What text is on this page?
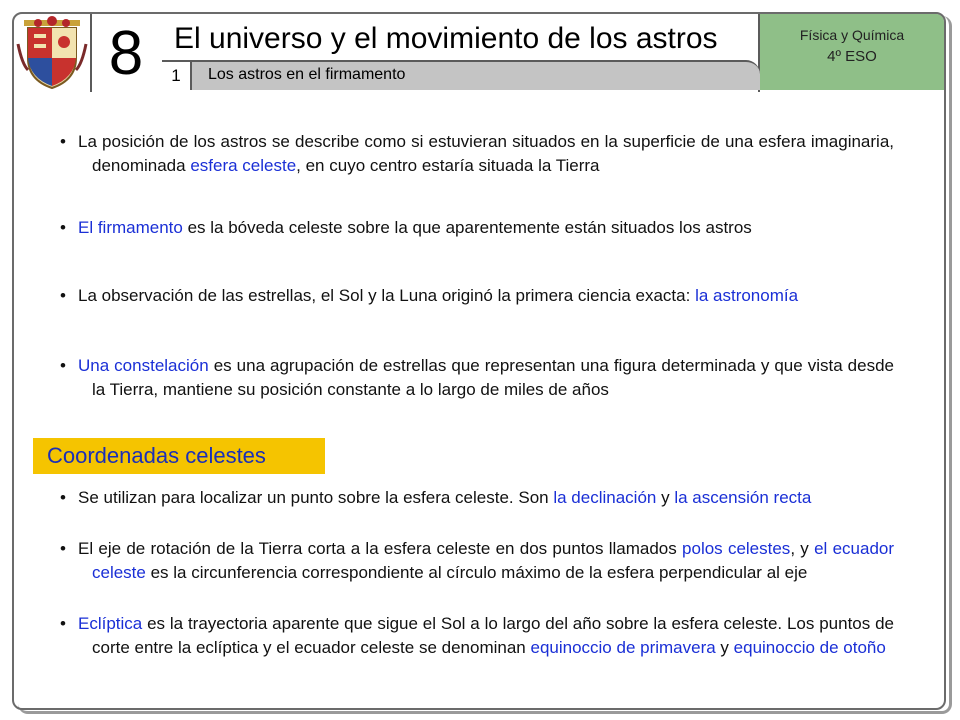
8	El universo y el movimiento de los astros
1	Los astros en el firmamento
Física y Química
4º ESO
• La posición de los astros se describe como si estuvieran situados en la superficie de una esfera imaginaria, denominada esfera celeste, en cuyo centro estaría situada la Tierra
• El firmamento es la bóveda celeste sobre la que aparentemente están situados los astros
• La observación de las estrellas, el Sol y la Luna originó la primera ciencia exacta: la astronomía
• Una constelación es una agrupación de estrellas que representan una figura determinada y que vista desde la Tierra, mantiene su posición constante a lo largo de miles de años
Coordenadas celestes
• Se utilizan para localizar un punto sobre la esfera celeste. Son la declinación y la ascensión recta
• El eje de rotación de la Tierra corta a la esfera celeste en dos puntos llamados polos celestes, y el ecuador celeste es la circunferencia correspondiente al círculo máximo de la esfera perpendicular al eje
• Eclíptica es la trayectoria aparente que sigue el Sol a lo largo del año sobre la esfera celeste. Los puntos de corte entre la eclíptica y el ecuador celeste se denominan equinoccio de primavera y equinoccio de otoño
